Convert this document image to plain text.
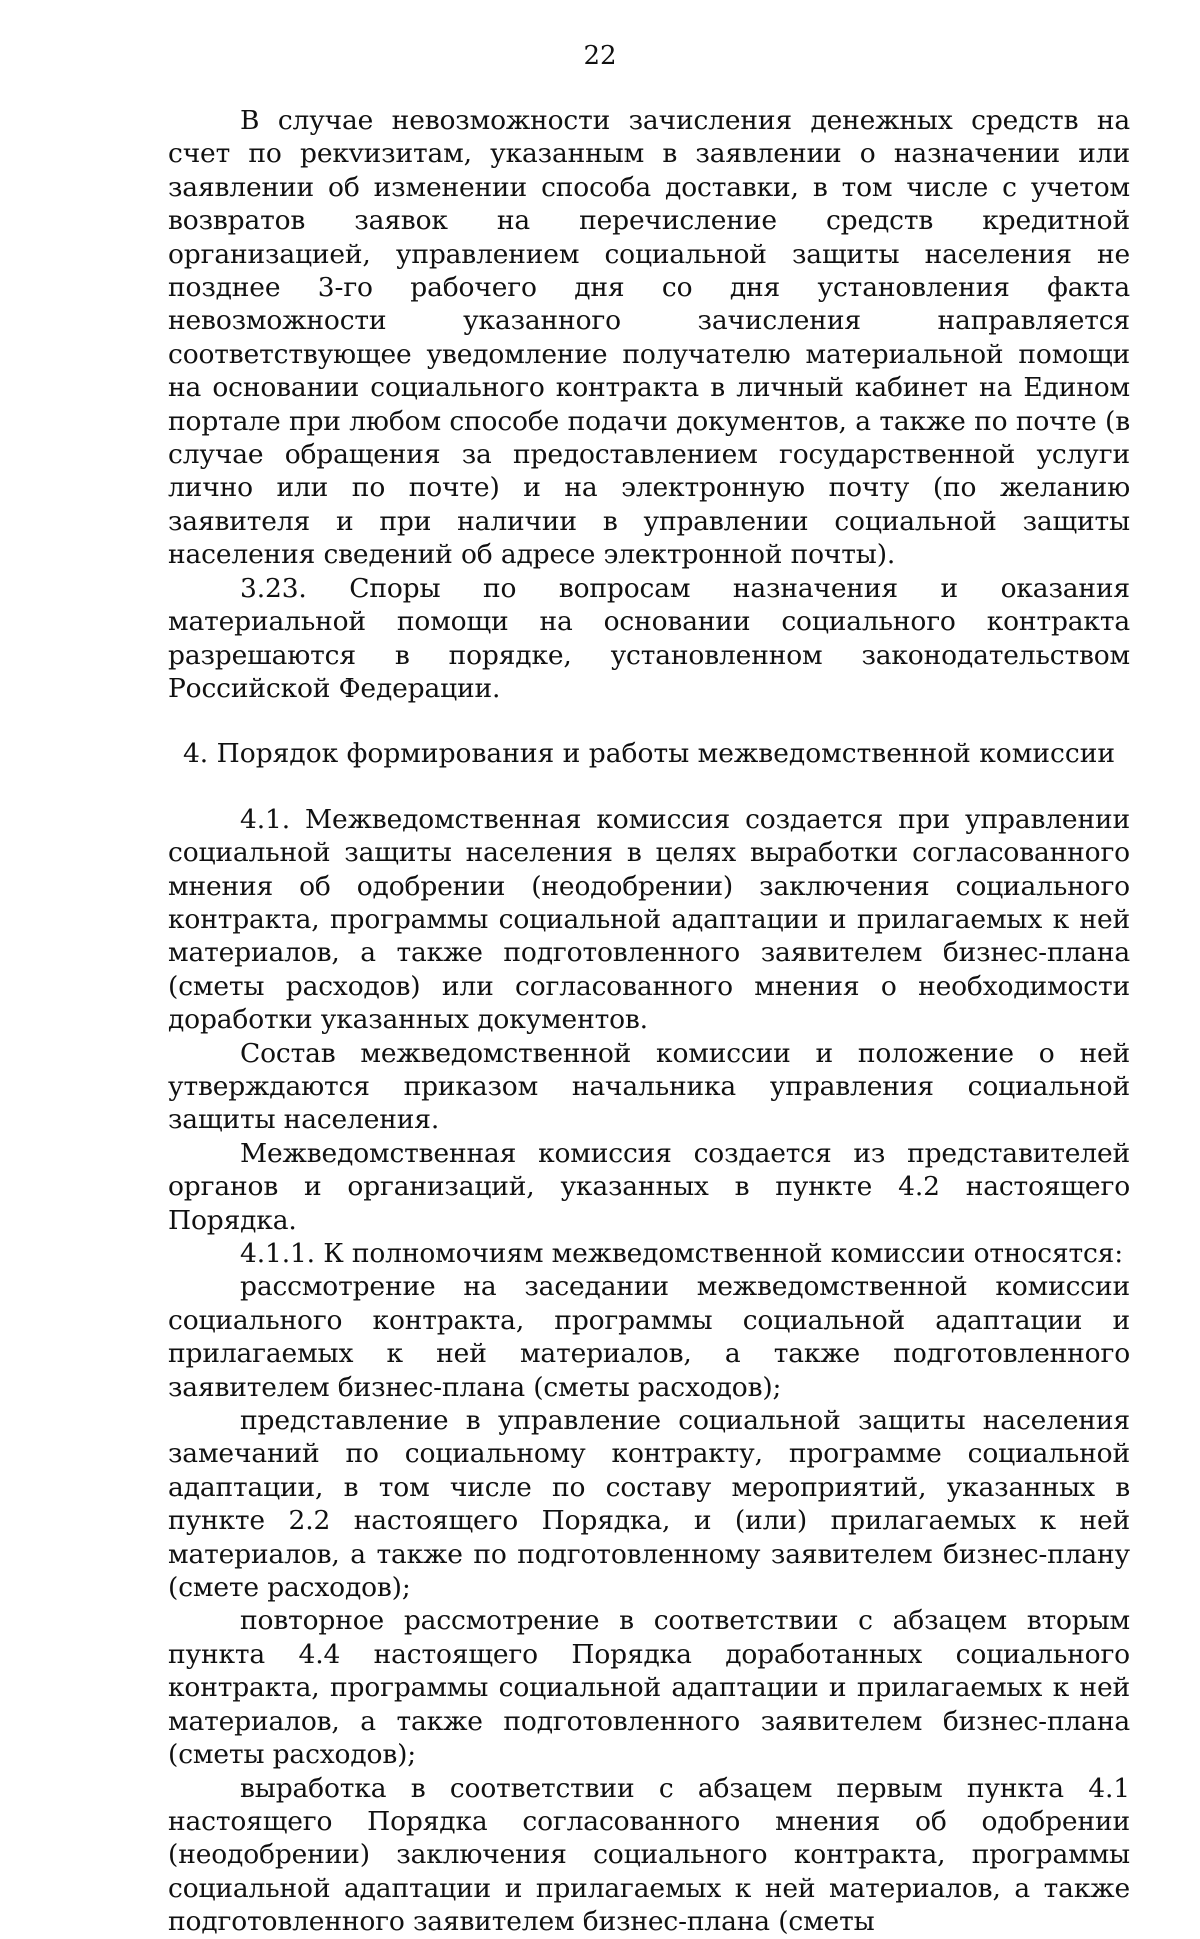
22

В случае невозможности зачисления денежных средств на счет по рекvизитам, указанным в заявлении о назначении или заявлении об изменении способа доставки, в том числе с учетом возвратов заявок на перечисление средств кредитной организацией, управлением социальной защиты населения не позднее 3-го рабочего дня со дня установления факта невозможности указанного зачисления направляется соответствующее уведомление получателю материальной помощи на основании социального контракта в личный кабинет на Едином портале при любом способе подачи документов, а также по почте (в случае обращения за предоставлением государственной услуги лично или по почте) и на электронную почту (по желанию заявителя и при наличии в управлении социальной защиты населения сведений об адресе электронной почты).

3.23. Споры по вопросам назначения и оказания материальной помощи на основании социального контракта разрешаются в порядке, установленном законодательством Российской Федерации.

4. Порядок формирования и работы межведомственной комиссии

4.1. Межведомственная комиссия создается при управлении социальной защиты населения в целях выработки согласованного мнения об одобрении (неодобрении) заключения социального контракта, программы социальной адаптации и прилагаемых к ней материалов, а также подготовленного заявителем бизнес-плана (сметы расходов) или согласованного мнения о необходимости доработки указанных документов.

Состав межведомственной комиссии и положение о ней утверждаются приказом начальника управления социальной защиты населения.

Межведомственная комиссия создается из представителей органов и организаций, указанных в пункте 4.2 настоящего Порядка.

4.1.1. К полномочиям межведомственной комиссии относятся:

рассмотрение на заседании межведомственной комиссии социального контракта, программы социальной адаптации и прилагаемых к ней материалов, а также подготовленного заявителем бизнес-плана (сметы расходов);

представление в управление социальной защиты населения замечаний по социальному контракту, программе социальной адаптации, в том числе по составу мероприятий, указанных в пункте 2.2 настоящего Порядка, и (или) прилагаемых к ней материалов, а также по подготовленному заявителем бизнес-плану (смете расходов);

повторное рассмотрение в соответствии с абзацем вторым пункта 4.4 настоящего Порядка доработанных социального контракта, программы социальной адаптации и прилагаемых к ней материалов, а также подготовленного заявителем бизнес-плана (сметы расходов);

выработка в соответствии с абзацем первым пункта 4.1 настоящего Порядка согласованного мнения об одобрении (неодобрении) заключения социального контракта, программы социальной адаптации и прилагаемых к ней материалов, а также подготовленного заявителем бизнес-плана (сметы
